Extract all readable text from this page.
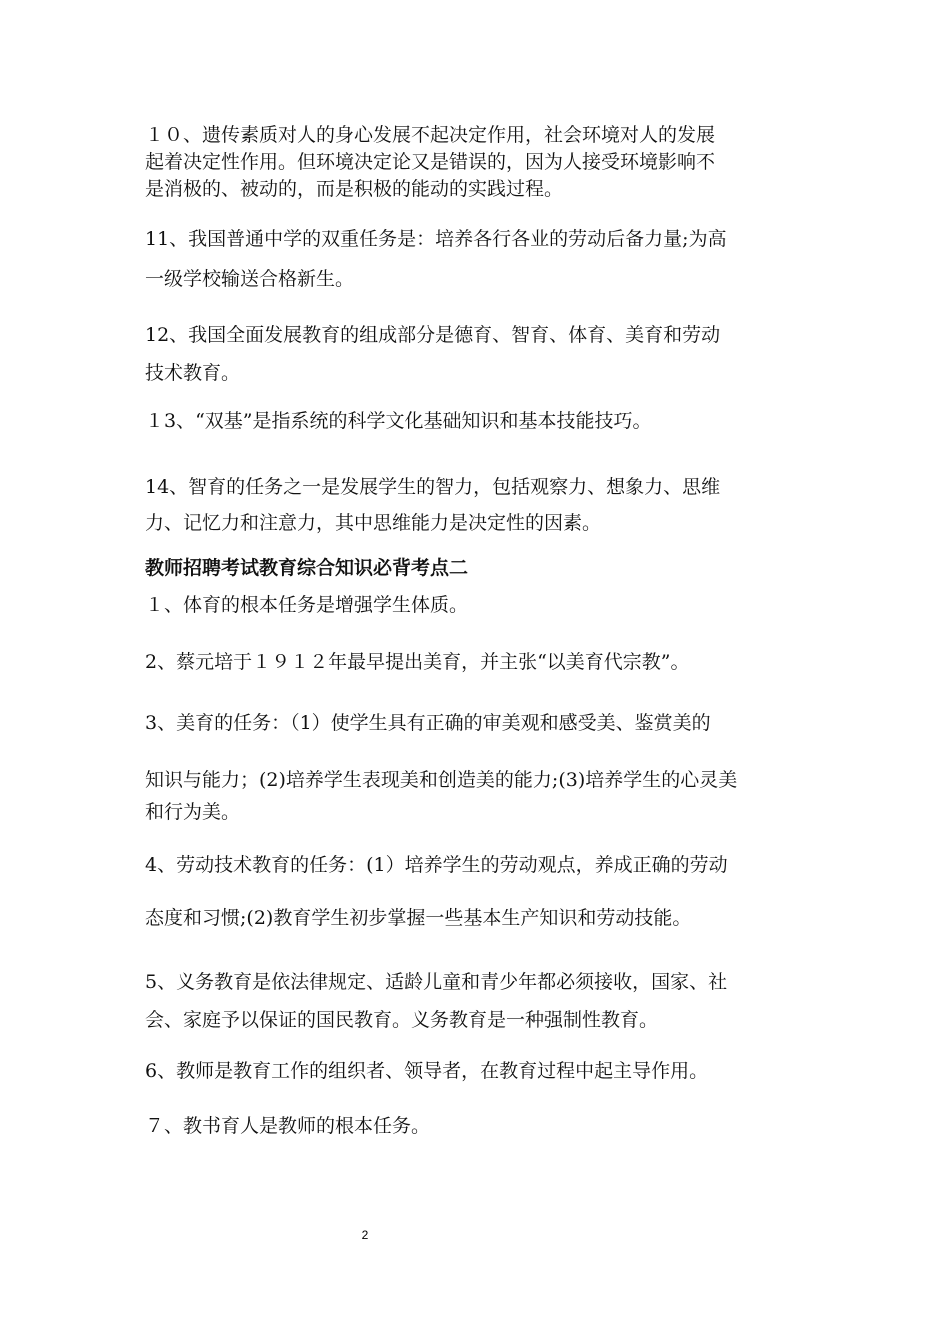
１０、遗传素质对人的身心发展不起决定作用，社会环境对人的发展
起着决定性作用。但环境决定论又是错误的，因为人接受环境影响不
是消极的、被动的，而是积极的能动的实践过程。
11、我国普通中学的双重任务是：培养各行各业的劳动后备力量;为高
一级学校输送合格新生。
12、我国全面发展教育的组成部分是德育、智育、体育、美育和劳动
技术教育。
１3、“双基”是指系统的科学文化基础知识和基本技能技巧。
14、智育的任务之一是发展学生的智力，包括观察力、想象力、思维
力、记忆力和注意力，其中思维能力是决定性的因素。
教师招聘考试教育综合知识必背考点二
１、体育的根本任务是增强学生体质。
2、蔡元培于１９１２年最早提出美育，并主张“以美育代宗教”。
3、美育的任务：（1）使学生具有正确的审美观和感受美、鉴赏美的
知识与能力；(2)培养学生表现美和创造美的能力;(3)培养学生的心灵美
和行为美。
4、劳动技术教育的任务：(1）培养学生的劳动观点，养成正确的劳动
态度和习惯;(2)教育学生初步掌握一些基本生产知识和劳动技能。
5、义务教育是依法律规定、适龄儿童和青少年都必须接收，国家、社
会、家庭予以保证的国民教育。义务教育是一种强制性教育。
6、教师是教育工作的组织者、领导者，在教育过程中起主导作用。
７、教书育人是教师的根本任务。
2
